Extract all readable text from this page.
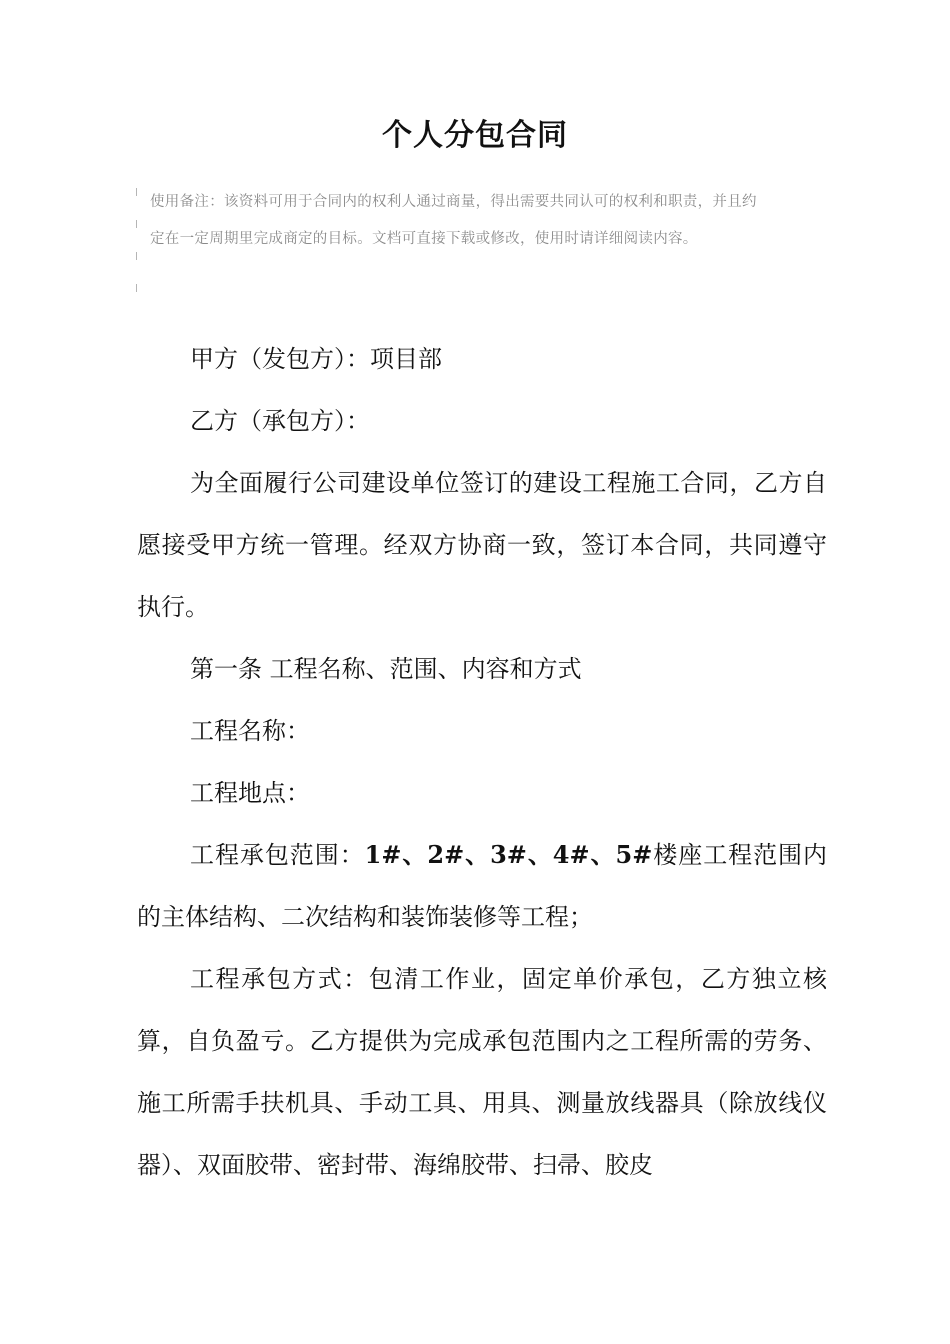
个人分包合同
使用备注：该资料可用于合同内的权利人通过商量，得出需要共同认可的权利和职责，并且约定在一定周期里完成商定的目标。文档可直接下载或修改，使用时请详细阅读内容。

甲方（发包方）：项目部

乙方（承包方）：

为全面履行公司建设单位签订的建设工程施工合同，乙方自愿接受甲方统一管理。经双方协商一致，签订本合同，共同遵守执行。

第一条 工程名称、范围、内容和方式

工程名称：

工程地点：

工程承包范围：1#、2#、3#、4#、5#楼座工程范围内的主体结构、二次结构和装饰装修等工程；

工程承包方式：包清工作业，固定单价承包，乙方独立核算，自负盈亏。乙方提供为完成承包范围内之工程所需的劳务、施工所需手扶机具、手动工具、用具、测量放线器具（除放线仪器）、双面胶带、密封带、海绵胶带、扫帚、胶皮
